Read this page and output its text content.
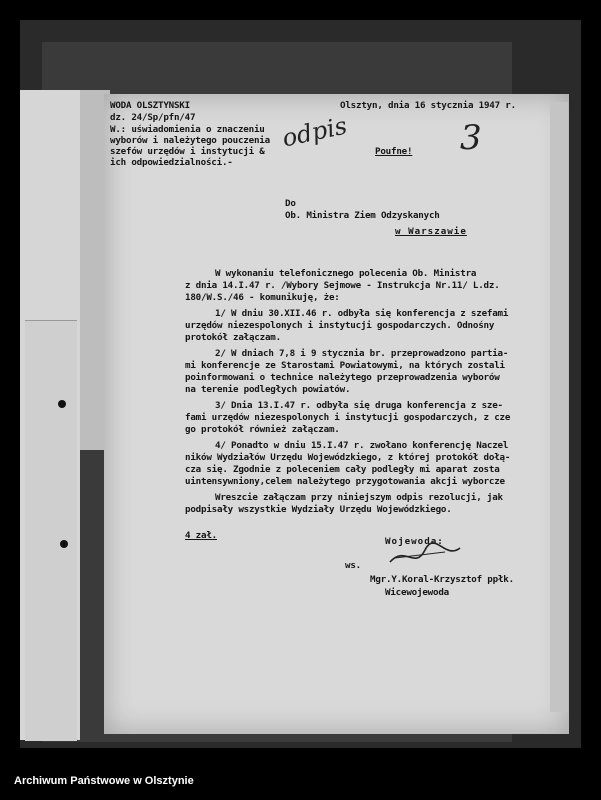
WODA OLSZTYNSKI
dz. 24/Sp/pfn/47
W.: uświadomienia o znaczeniu
wyborów i należytego pouczenia
szefów urzędów i instytucji &
ich odpowiedzialności.-
Olsztyn, dnia 16 stycznia 1947 r.
Poufne!
odpis	3
Do
Ob. Ministra Ziem Odzyskanych
w Warszawie
W wykonaniu telefonicznego polecenia Ob. Ministra
z dnia 14.I.47 r. /Wybory Sejmowe - Instrukcja Nr.11/ L.dz.
180/W.S./46 - komunikuję, że:
1/ W dniu 30.XII.46 r. odbyła się konferencja z szefami
urzędów niezespolonych i instytucji gospodarczych. Odnośny
protokół załączam.
2/ W dniach 7,8 i 9 stycznia br. przeprowadzono partia-
mi konferencje ze Starostami Powiatowymi, na których zostali
poinformowani o technice należytego przeprowadzenia wyborów
na terenie podległych powiatów.
3/ Dnia 13.I.47 r. odbyła się druga konferencja z sze-
fami urzędów niezespolonych i instytucji gospodarczych, z cze
go protokół również załączam.
4/ Ponadto w dniu 15.I.47 r. zwołano konferencję Naczel
ników Wydziałów Urzędu Wojewódzkiego, z której protokół dołą-
cza się. Zgodnie z poleceniem cały podległy mi aparat zosta
uintensywniony,celem należytego przygotowania akcji wyborcze
Wreszcie załączam przy niniejszym odpis rezolucji, jak
podpisały wszystkie Wydziały Urzędu Wojewódzkiego.
4 zał.
Wojewoda:
ws.
Mgr.Y.Koral-Krzysztof ppłk.
Wicewojewoda
Archiwum Państwowe w Olsztynie
